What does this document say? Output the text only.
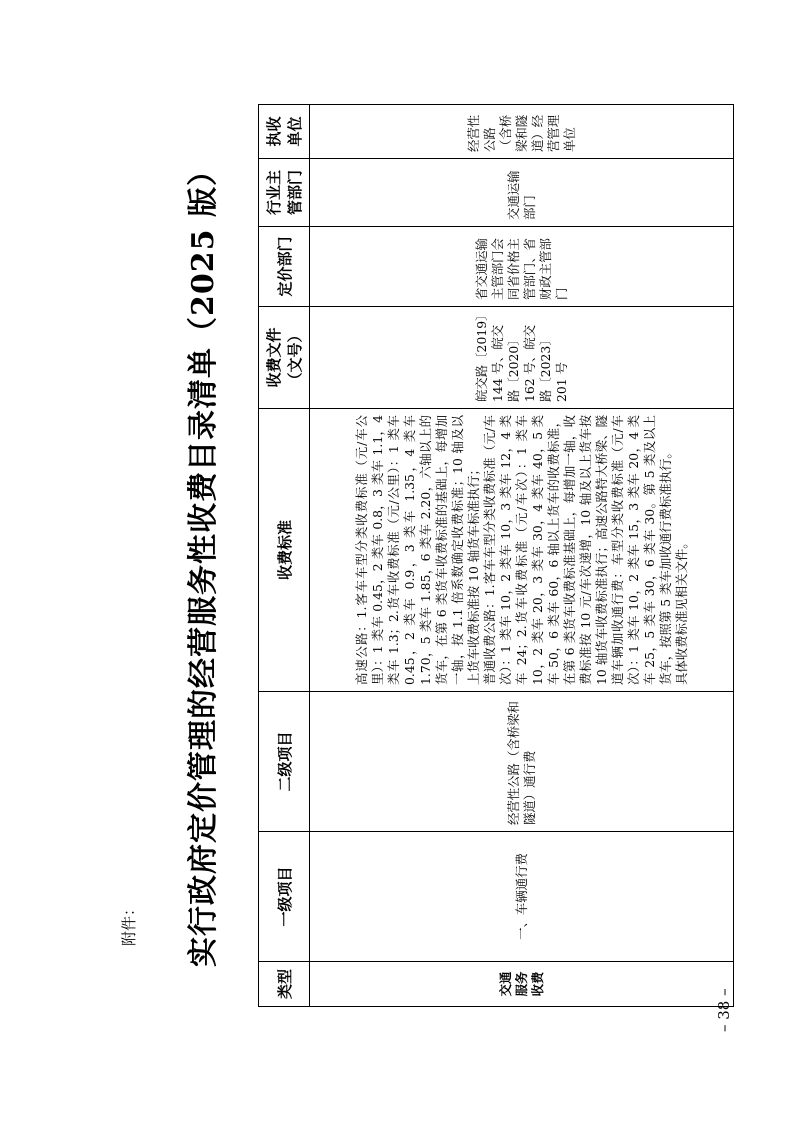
– 38 –
附件： 实行政府定价管理的经营服务性收费目录清单（2025 版）
类型	一级项目	二级项目	收费标准	收费文件（文号）	定价部门	行业主管部门	执收单位
交通服务收费	一、车辆通行费	经营性公路（含桥梁和隧道）通行费	高速公路：1.客车车型分类收费标准（元/车公里）：1 类车 0.45，2 类车 0.8，3 类车 1.1，4 类车 1.3；2.货车收费标准（元/公里）：1 类车 0.45，2 类车 0.9，3 类车 1.35，4 类车 1.70，5 类车 1.85，6 类车 2.20，六轴以上的货车，在第 6 类货车收费标准的基础上，每增加一轴，按 1.1 倍系数确定收费标准；10 轴及以上货车收费标准按 10 轴货车标准执行； 普通收费公路：1.客车车型分类收费标准（元/车次）：1 类车 10，2 类车 10，3 类车 12，4 类车 24；2.货车收费标准（元/车次）：1 类车 10，2 类车 20，3 类车 30，4 类车 40，5 类车 50，6 类车 60，6 轴以上货车的收费标准，在第 6 类货车收费标准基础上，每增加一轴，收费标准按 10 元/车次递增，10 轴及以上货车按 10 轴货车收费标准执行；高速公路特大桥梁、隧道车辆加收通行费：车型分类收费标准（元/车次）：1 类车 10，2 类车 15，3 类车 20，4 类车 25，5 类车 30，6 类车 30。第 5 类及以上货车，按照第 5 类车加收通行费标准执行。 具体收费标准见相关文件。	皖交路〔2019〕144 号、皖交路〔2020〕162 号、皖交路〔2023〕201 号	省交通运输主管部门会同省价格主管部门、省财政主管部门	交通运输部门	经营性公路（含桥梁和隧道）经营管理单位
